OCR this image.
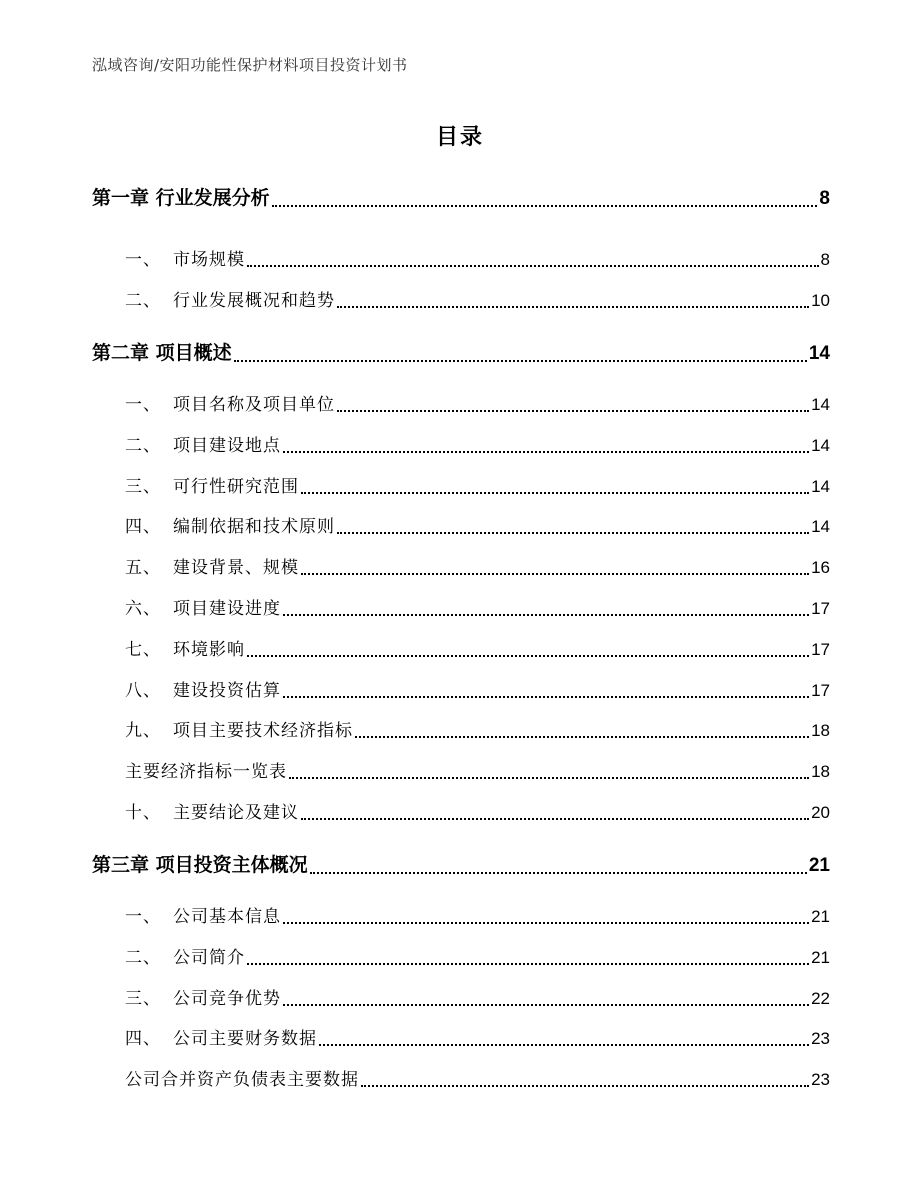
泓域咨询/安阳功能性保护材料项目投资计划书
目录
第一章 行业发展分析	8
一、 市场规模	8
二、 行业发展概况和趋势	10
第二章 项目概述	14
一、 项目名称及项目单位	14
二、 项目建设地点	14
三、 可行性研究范围	14
四、 编制依据和技术原则	14
五、 建设背景、规模	16
六、 项目建设进度	17
七、 环境影响	17
八、 建设投资估算	17
九、 项目主要技术经济指标	18
主要经济指标一览表	18
十、 主要结论及建议	20
第三章 项目投资主体概况	21
一、 公司基本信息	21
二、 公司简介	21
三、 公司竞争优势	22
四、 公司主要财务数据	23
公司合并资产负债表主要数据	23
